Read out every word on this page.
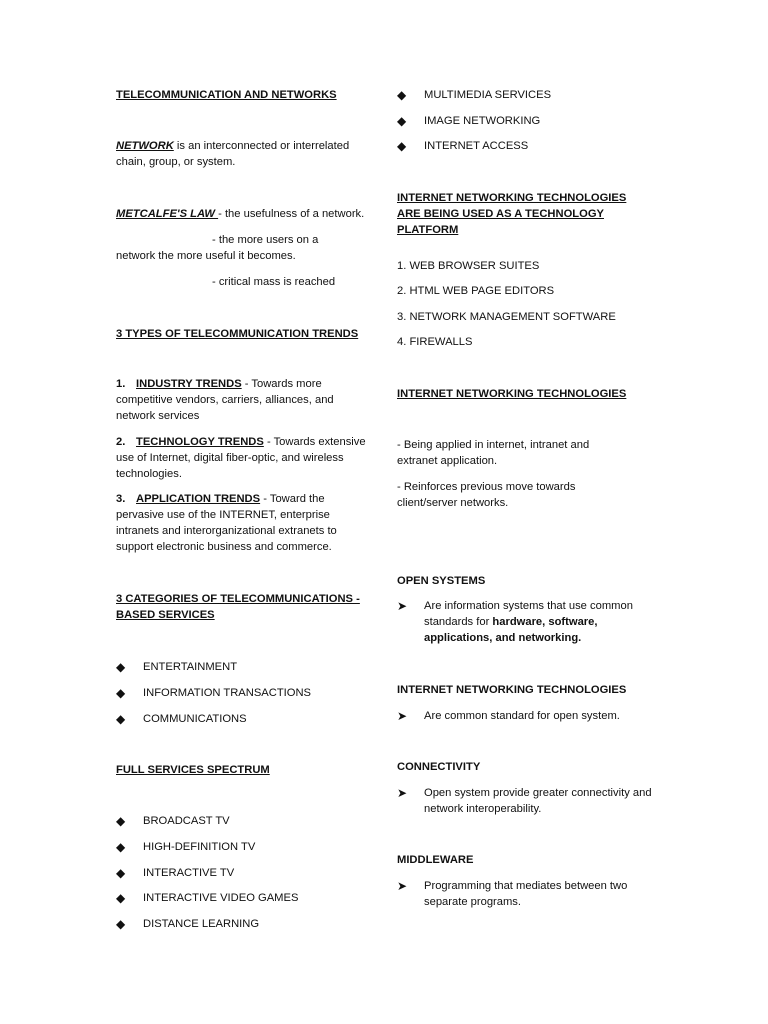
TELECOMMUNICATION AND NETWORKS
NETWORK is an interconnected or interrelated chain, group, or system.
METCALFE'S LAW - the usefulness of a network.
- the more users on a
network the more useful it becomes.
- critical mass is reached
3 TYPES OF TELECOMMUNICATION TRENDS
1. INDUSTRY TRENDS - Towards more competitive vendors, carriers, alliances, and network services
2. TECHNOLOGY TRENDS - Towards extensive use of Internet, digital fiber-optic, and wireless technologies.
3. APPLICATION TRENDS - Toward the pervasive use of the INTERNET, enterprise intranets and interorganizational extranets to support electronic business and commerce.
3 CATEGORIES OF TELECOMMUNICATIONS - BASED SERVICES
◆ ENTERTAINMENT
◆ INFORMATION TRANSACTIONS
◆ COMMUNICATIONS
FULL SERVICES SPECTRUM
◆ BROADCAST TV
◆ HIGH-DEFINITION TV
◆ INTERACTIVE TV
◆ INTERACTIVE VIDEO GAMES
◆ DISTANCE LEARNING
◆ MULTIMEDIA SERVICES
◆ IMAGE NETWORKING
◆ INTERNET ACCESS
INTERNET NETWORKING TECHNOLOGIES ARE BEING USED AS A TECHNOLOGY PLATFORM
1. WEB BROWSER SUITES
2. HTML WEB PAGE EDITORS
3. NETWORK MANAGEMENT SOFTWARE
4. FIREWALLS
INTERNET NETWORKING TECHNOLOGIES
- Being applied in internet, intranet and extranet application.
- Reinforces previous move towards client/server networks.
OPEN SYSTEMS
➤ Are information systems that use common standards for hardware, software, applications, and networking.
INTERNET NETWORKING TECHNOLOGIES
➤ Are common standard for open system.
CONNECTIVITY
➤ Open system provide greater connectivity and network interoperability.
MIDDLEWARE
➤ Programming that mediates between two separate programs.
